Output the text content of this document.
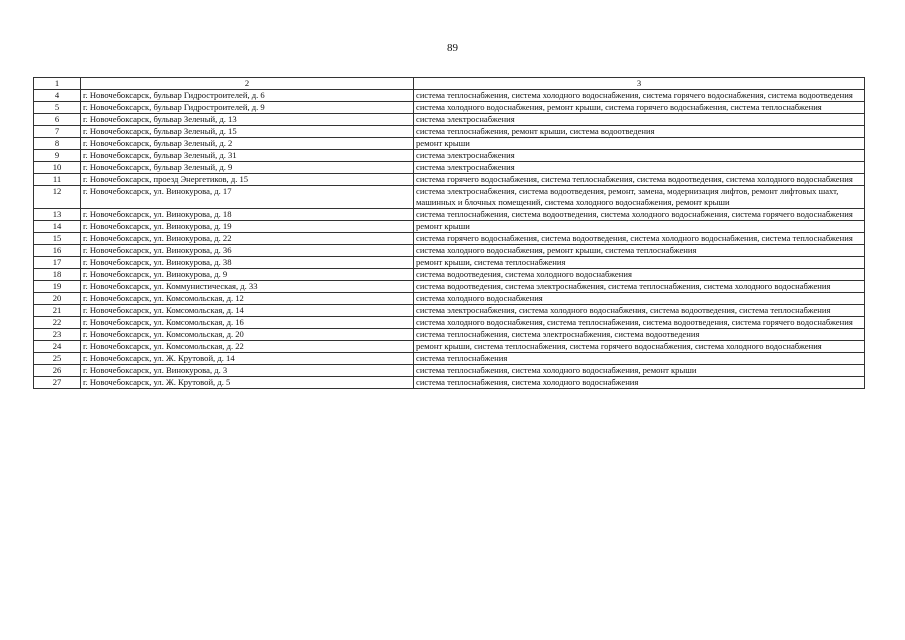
89
1	2	3
4	г. Новочебоксарск, бульвар Гидростроителей, д. 6	система теплоснабжения, система холодного водоснабжения, система горячего водоснабжения, система водоотведения
5	г. Новочебоксарск, бульвар Гидростроителей, д. 9	система холодного водоснабжения, ремонт крыши, система горячего водоснабжения, система теплоснабжения
6	г. Новочебоксарск, бульвар Зеленый, д. 13	система электроснабжения
7	г. Новочебоксарск, бульвар Зеленый, д. 15	система теплоснабжения, ремонт крыши, система водоотведения
8	г. Новочебоксарск, бульвар Зеленый, д. 2	ремонт крыши
9	г. Новочебоксарск, бульвар Зеленый, д. 31	система электроснабжения
10	г. Новочебоксарск, бульвар Зеленый, д. 9	система электроснабжения
11	г. Новочебоксарск, проезд Энергетиков, д. 15	система горячего водоснабжения, система теплоснабжения, система водоотведения, система холодного водоснабжения
12	г. Новочебоксарск, ул. Винокурова, д. 17	система электроснабжения, система водоотведения, ремонт, замена, модернизация лифтов, ремонт лифтовых шахт, машинных и блочных помещений, система холодного водоснабжения, ремонт крыши
13	г. Новочебоксарск, ул. Винокурова, д. 18	система теплоснабжения, система водоотведения, система холодного водоснабжения, система горячего водоснабжения
14	г. Новочебоксарск, ул. Винокурова, д. 19	ремонт крыши
15	г. Новочебоксарск, ул. Винокурова, д. 22	система горячего водоснабжения, система водоотведения, система холодного водоснабжения, система теплоснабжения
16	г. Новочебоксарск, ул. Винокурова, д. 36	система холодного водоснабжения, ремонт крыши, система теплоснабжения
17	г. Новочебоксарск, ул. Винокурова, д. 38	ремонт крыши, система теплоснабжения
18	г. Новочебоксарск, ул. Винокурова, д. 9	система водоотведения, система холодного водоснабжения
19	г. Новочебоксарск, ул. Коммунистическая, д. 33	система водоотведения, система электроснабжения, система теплоснабжения, система холодного водоснабжения
20	г. Новочебоксарск, ул. Комсомольская, д. 12	система холодного водоснабжения
21	г. Новочебоксарск, ул. Комсомольская, д. 14	система электроснабжения, система холодного водоснабжения, система водоотведения, система теплоснабжения
22	г. Новочебоксарск, ул. Комсомольская, д. 16	система холодного водоснабжения, система теплоснабжения, система водоотведения, система горячего водоснабжения
23	г. Новочебоксарск, ул. Комсомольская, д. 20	система теплоснабжения, система электроснабжения, система водоотведения
24	г. Новочебоксарск, ул. Комсомольская, д. 22	ремонт крыши, система теплоснабжения, система горячего водоснабжения, система холодного водоснабжения
25	г. Новочебоксарск, ул. Ж. Крутовой, д. 14	система теплоснабжения
26	г. Новочебоксарск, ул. Винокурова, д. 3	система теплоснабжения, система холодного водоснабжения, ремонт крыши
27	г. Новочебоксарск, ул. Ж. Крутовой, д. 5	система теплоснабжения, система холодного водоснабжения
